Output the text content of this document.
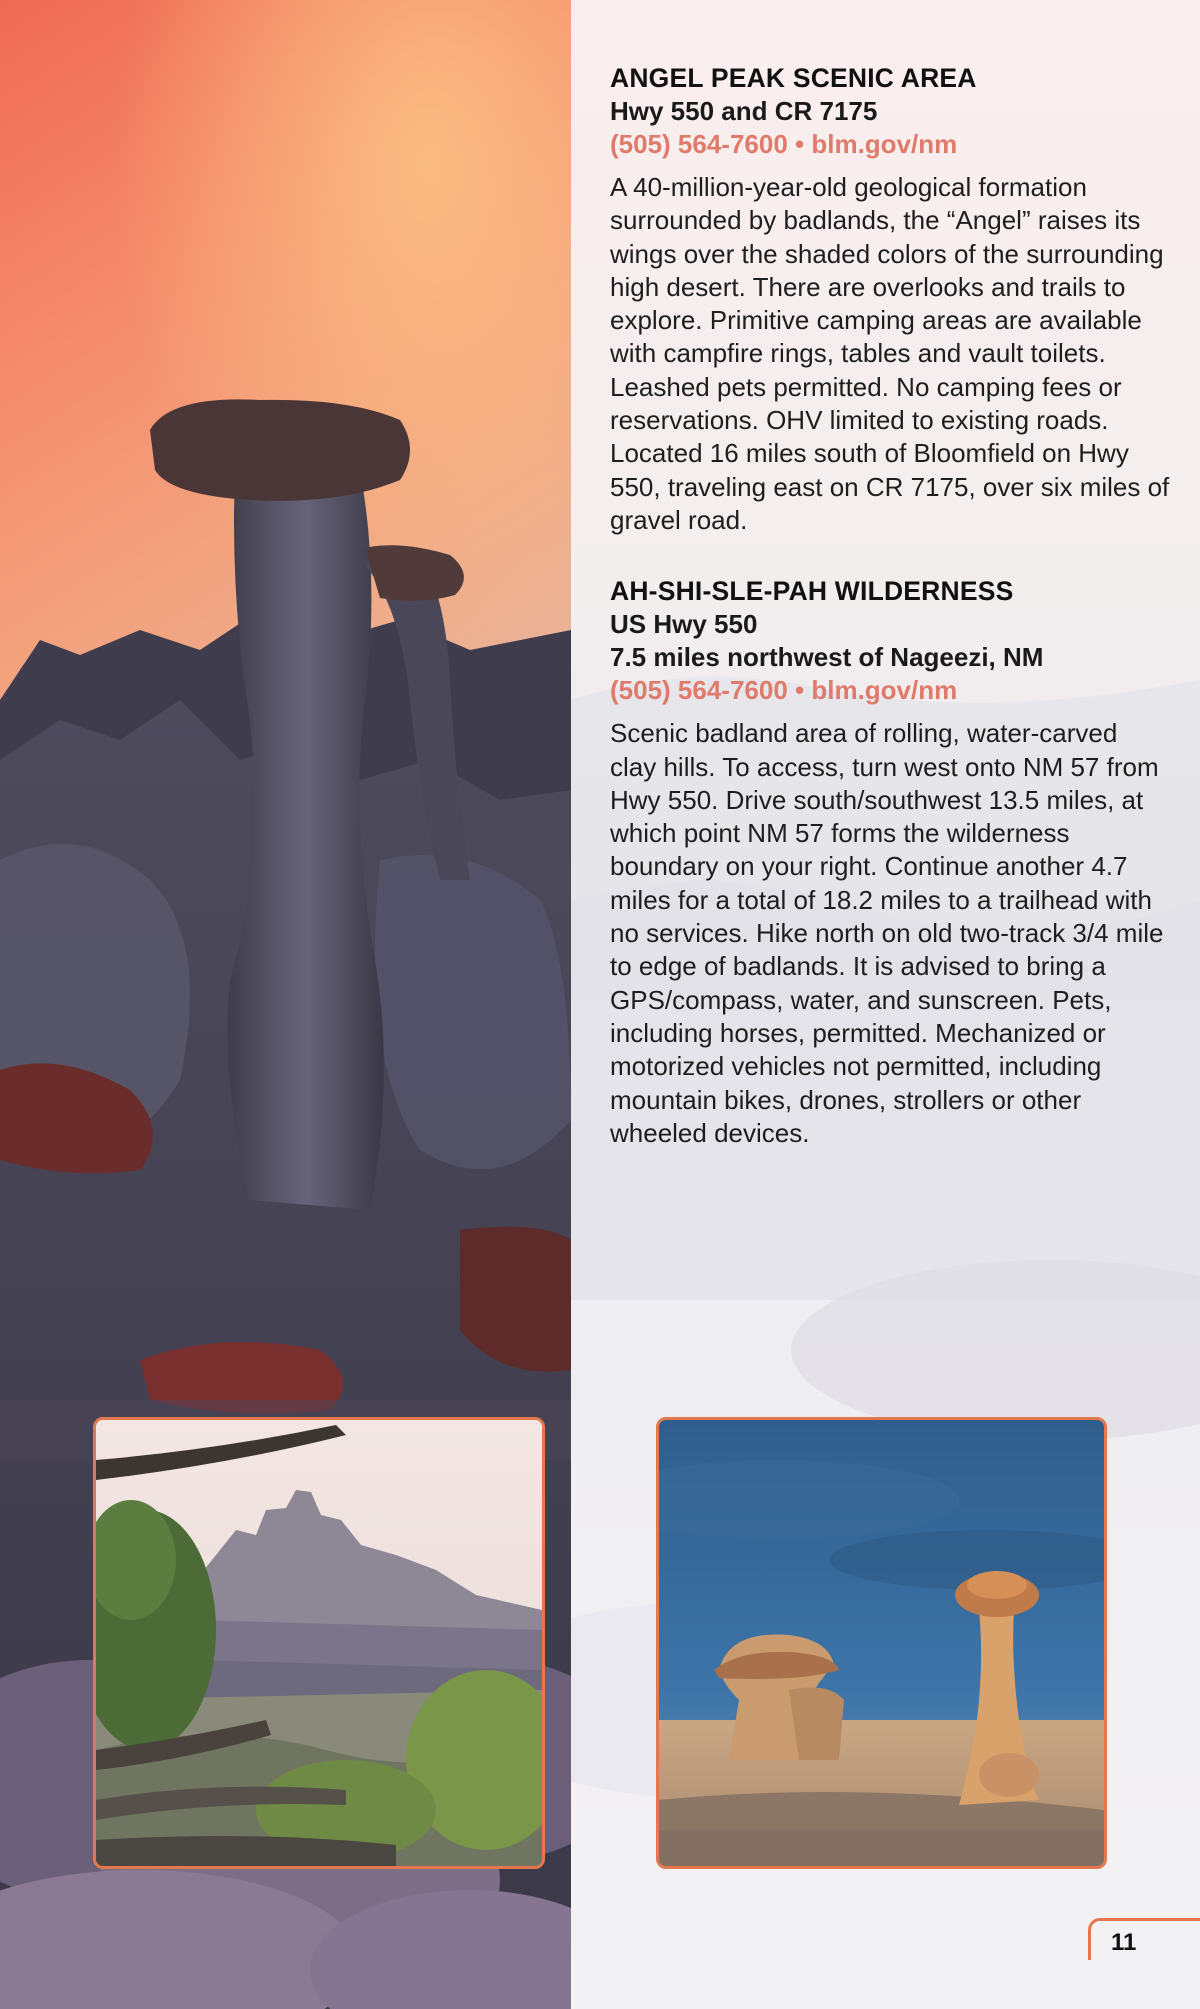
ANGEL PEAK SCENIC AREA

Hwy 550 and CR 7175

(505) 564-7600 • blm.gov/nm

A 40-million-year-old geological formation surrounded by badlands, the “Angel” raises its wings over the shaded colors of the surrounding high desert. There are overlooks and trails to explore. Primitive camping areas are available with campfire rings, tables and vault toilets. Leashed pets permitted. No camping fees or reservations. OHV limited to existing roads. Located 16 miles south of Bloomfield on Hwy 550, traveling east on CR 7175, over six miles of gravel road.

AH-SHI-SLE-PAH WILDERNESS

US Hwy 550

7.5 miles northwest of Nageezi, NM

(505) 564-7600 • blm.gov/nm

Scenic badland area of rolling, water-carved clay hills. To access, turn west onto NM 57 from Hwy 550. Drive south/southwest 13.5 miles, at which point NM 57 forms the wilderness boundary on your right. Continue another 4.7 miles for a total of 18.2 miles to a trailhead with no services. Hike north on old two-track 3/4 mile to edge of badlands. It is advised to bring a GPS/compass, water, and sunscreen. Pets, including horses, permitted. Mechanized or motorized vehicles not permitted, including mountain bikes, drones, strollers or other wheeled devices.

11
